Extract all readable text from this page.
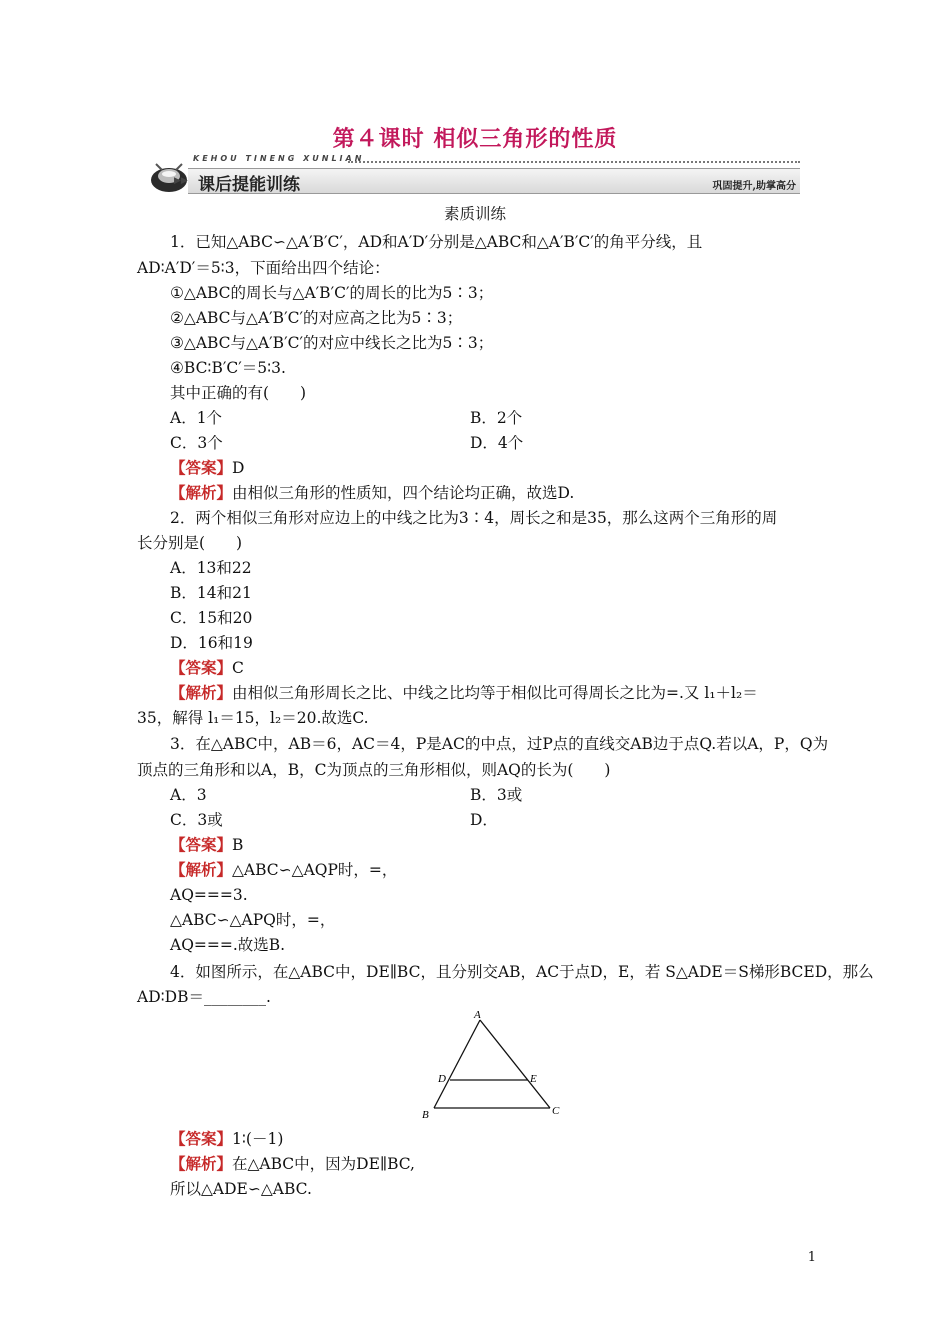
第４课时 相似三角形的性质
KEHOU TINENG XUNLIAN
▶▶ 课后提能训练	巩固提升,助掌高分
素质训练
1．已知△ABC∽△A′B′C′，AD和A′D′分别是△ABC和△A′B′C′的角平分线，且
AD∶A′D′＝5∶3，下面给出四个结论：
①△ABC的周长与△A′B′C′的周长的比为5∶3；
②△ABC与△A′B′C′的对应高之比为5∶3；
③△ABC与△A′B′C′的对应中线长之比为5∶3；
④BC∶B′C′＝5∶3.
其中正确的有(　　)
A．1个	B．2个
C．3个	D．4个
【答案】D
【解析】由相似三角形的性质知，四个结论均正确，故选D.
2．两个相似三角形对应边上的中线之比为3∶4，周长之和是35，那么这两个三角形的周
长分别是(　　)
A．13和22
B．14和21
C．15和20
D．16和19
【答案】C
【解析】由相似三角形周长之比、中线之比均等于相似比可得周长之比为=.又 l₁＋l₂＝
35，解得 l₁＝15，l₂＝20.故选C.
3．在△ABC中，AB＝6，AC＝4，P是AC的中点，过P点的直线交AB边于点Q.若以A，P，Q为
顶点的三角形和以A，B，C为顶点的三角形相似，则AQ的长为(　　)
A．3	B．3或
C．3或	D．
【答案】B
【解析】△ABC∽△AQP时，=，
AQ===3.
△ABC∽△APQ时，=，
AQ===.故选B.
4．如图所示，在△ABC中，DE∥BC，且分别交AB，AC于点D，E，若 S△ADE＝S梯形BCED，那么
AD∶DB＝________.
A
D	E
B	C
【答案】1∶(－1)
【解析】在△ABC中，因为DE∥BC,
所以△ADE∽△ABC.
1
